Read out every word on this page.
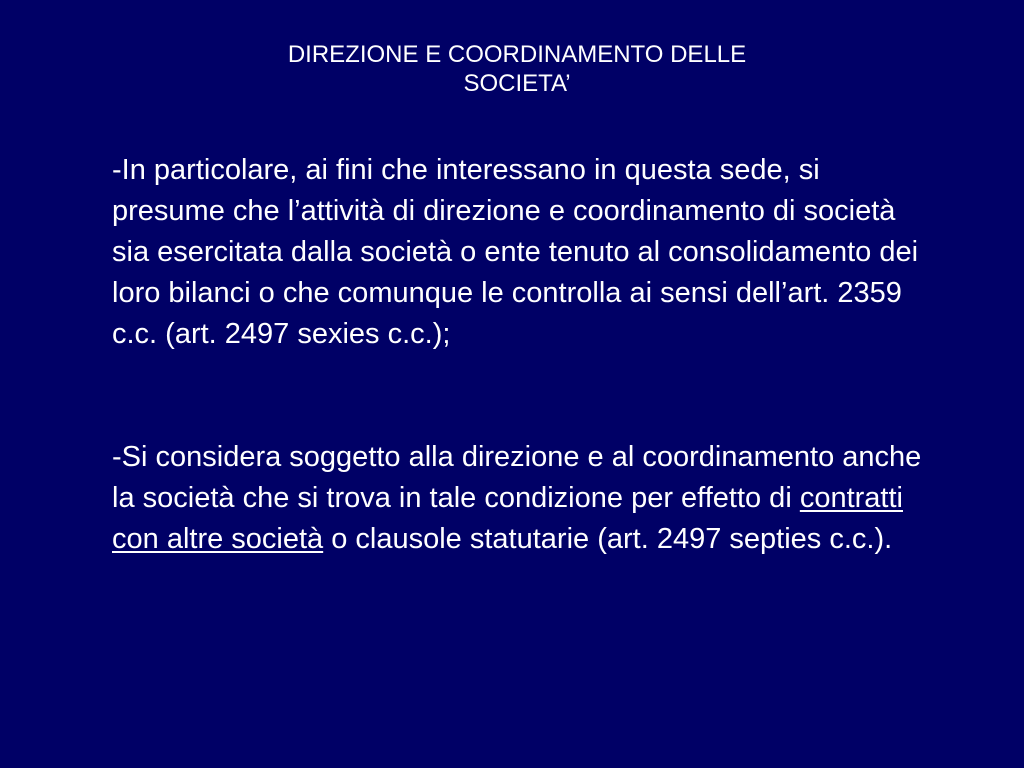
DIREZIONE E COORDINAMENTO DELLE
SOCIETA’

-In particolare, ai fini che interessano in questa sede, si presume che l’attività di direzione e coordinamento di società sia esercitata dalla società o ente tenuto al consolidamento dei loro bilanci o che comunque le controlla ai sensi dell’art. 2359 c.c. (art. 2497 sexies c.c.);

-Si considera soggetto alla direzione e al coordinamento anche la società che si trova in tale condizione per effetto di contratti con altre società o clausole statutarie (art. 2497 septies c.c.).
